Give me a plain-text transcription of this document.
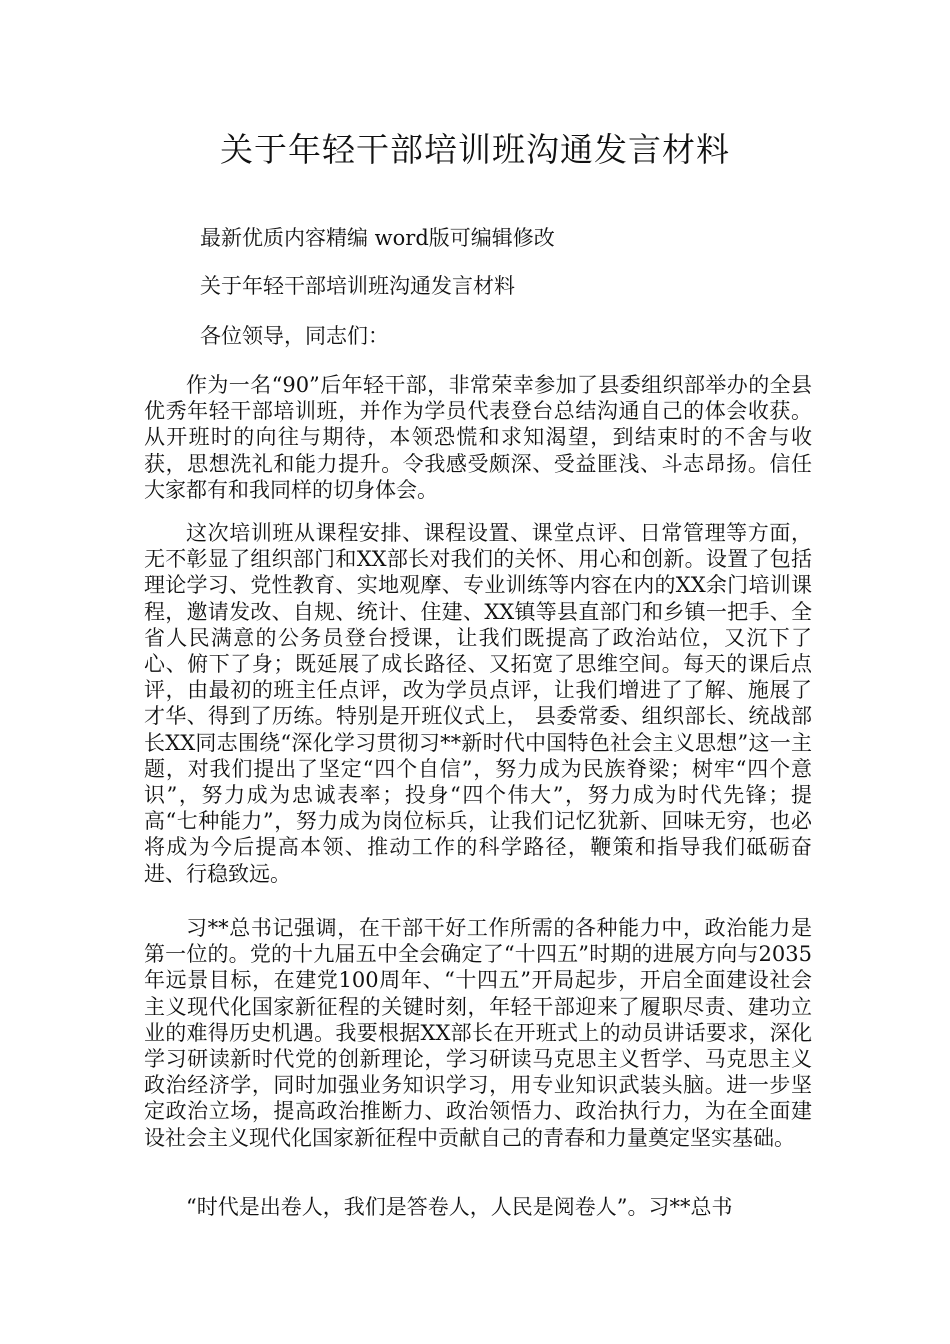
关于年轻干部培训班沟通发言材料
最新优质内容精编 word版可编辑修改
关于年轻干部培训班沟通发言材料
各位领导，同志们：

作为一名“90”后年轻干部，非常荣幸参加了县委组织部举办的全县优秀年轻干部培训班，并作为学员代表登台总结沟通自己的体会收获。从开班时的向往与期待，本领恐慌和求知渴望，到结束时的不舍与收获，思想洗礼和能力提升。令我感受颇深、受益匪浅、斗志昂扬。信任大家都有和我同样的切身体会。

这次培训班从课程安排、课程设置、课堂点评、日常管理等方面，无不彰显了组织部门和XX部长对我们的关怀、用心和创新。设置了包括理论学习、党性教育、实地观摩、专业训练等内容在内的XX余门培训课程，邀请发改、自规、统计、住建、XX镇等县直部门和乡镇一把手、全省人民满意的公务员登台授课，让我们既提高了政治站位，又沉下了心、俯下了身；既延展了成长路径、又拓宽了思维空间。每天的课后点评，由最初的班主任点评，改为学员点评，让我们增进了了解、施展了才华、得到了历练。特别是开班仪式上， 县委常委、组织部长、统战部长XX同志围绕“深化学习贯彻习**新时代中国特色社会主义思想”这一主题，对我们提出了坚定“四个自信”，努力成为民族脊梁；树牢“四个意识”，努力成为忠诚表率；投身“四个伟大”，努力成为时代先锋；提高“七种能力”，努力成为岗位标兵，让我们记忆犹新、回味无穷，也必将成为今后提高本领、推动工作的科学路径，鞭策和指导我们砥砺奋进、行稳致远。

习**总书记强调，在干部干好工作所需的各种能力中，政治能力是第一位的。党的十九届五中全会确定了“十四五”时期的进展方向与2035年远景目标，在建党100周年、“十四五”开局起步，开启全面建设社会主义现代化国家新征程的关键时刻，年轻干部迎来了履职尽责、建功立业的难得历史机遇。我要根据XX部长在开班式上的动员讲话要求，深化学习研读新时代党的创新理论，学习研读马克思主义哲学、马克思主义政治经济学，同时加强业务知识学习，用专业知识武装头脑。进一步坚定政治立场，提高政治推断力、政治领悟力、政治执行力，为在全面建设社会主义现代化国家新征程中贡献自己的青春和力量奠定坚实基础。

“时代是出卷人，我们是答卷人，人民是阅卷人”。习**总书
